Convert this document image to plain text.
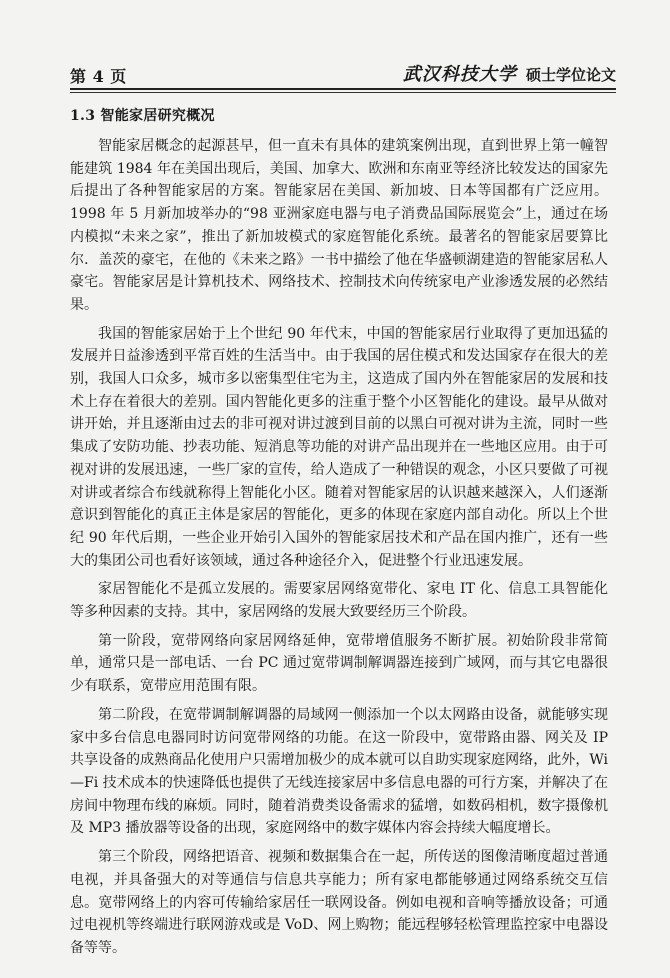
第 4 页	武汉科技大学 硕士学位论文
1.3 智能家居研究概况

智能家居概念的起源甚早，但一直未有具体的建筑案例出现，直到世界上第一幢智能建筑 1984 年在美国出现后，美国、加拿大、欧洲和东南亚等经济比较发达的国家先后提出了各种智能家居的方案。智能家居在美国、新加坡、日本等国都有广泛应用。1998 年 5 月新加坡举办的“98 亚洲家庭电器与电子消费品国际展览会”上，通过在场内模拟“未来之家”，推出了新加坡模式的家庭智能化系统。最著名的智能家居要算比尔．盖茨的豪宅，在他的《未来之路》一书中描绘了他在华盛顿湖建造的智能家居私人豪宅。智能家居是计算机技术、网络技术、控制技术向传统家电产业渗透发展的必然结果。

我国的智能家居始于上个世纪 90 年代末，中国的智能家居行业取得了更加迅猛的发展并日益渗透到平常百姓的生活当中。由于我国的居住模式和发达国家存在很大的差别，我国人口众多，城市多以密集型住宅为主，这造成了国内外在智能家居的发展和技术上存在着很大的差别。国内智能化更多的注重于整个小区智能化的建设。最早从做对讲开始，并且逐渐由过去的非可视对讲过渡到目前的以黑白可视对讲为主流，同时一些集成了安防功能、抄表功能、短消息等功能的对讲产品出现并在一些地区应用。由于可视对讲的发展迅速，一些厂家的宣传，给人造成了一种错误的观念，小区只要做了可视对讲或者综合布线就称得上智能化小区。随着对智能家居的认识越来越深入，人们逐渐意识到智能化的真正主体是家居的智能化，更多的体现在家庭内部自动化。所以上个世纪 90 年代后期，一些企业开始引入国外的智能家居技术和产品在国内推广，还有一些大的集团公司也看好该领域，通过各种途径介入，促进整个行业迅速发展。

家居智能化不是孤立发展的。需要家居网络宽带化、家电 IT 化、信息工具智能化等多种因素的支持。其中，家居网络的发展大致要经历三个阶段。

第一阶段，宽带网络向家居网络延伸，宽带增值服务不断扩展。初始阶段非常简单，通常只是一部电话、一台 PC 通过宽带调制解调器连接到广域网，而与其它电器很少有联系，宽带应用范围有限。

第二阶段，在宽带调制解调器的局域网一侧添加一个以太网路由设备，就能够实现家中多台信息电器同时访问宽带网络的功能。在这一阶段中，宽带路由器、网关及 IP 共享设备的成熟商品化使用户只需增加极少的成本就可以自助实现家庭网络，此外，Wi—Fi 技术成本的快速降低也提供了无线连接家居中多信息电器的可行方案，并解决了在房间中物理布线的麻烦。同时，随着消费类设备需求的猛增，如数码相机，数字摄像机及 MP3 播放器等设备的出现，家庭网络中的数字媒体内容会持续大幅度增长。

第三个阶段，网络把语音、视频和数据集合在一起，所传送的图像清晰度超过普通电视，并具备强大的对等通信与信息共享能力；所有家电都能够通过网络系统交互信息。宽带网络上的内容可传输给家居任一联网设备。例如电视和音响等播放设备；可通过电视机等终端进行联网游戏或是 VoD、网上购物；能远程够轻松管理监控家中电器设备等等。
